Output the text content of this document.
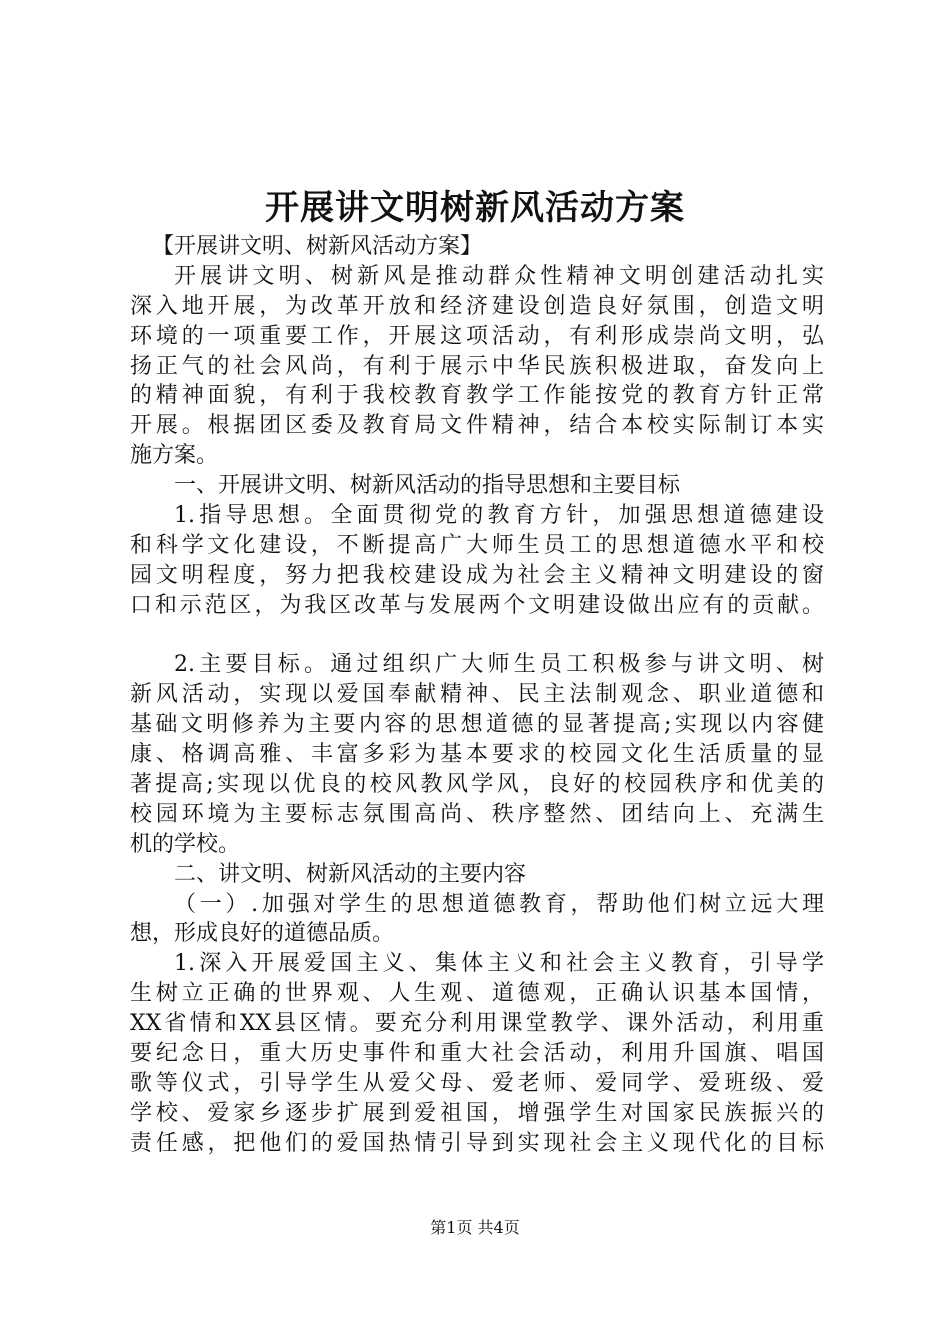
开展讲文明树新风活动方案

【开展讲文明、树新风活动方案】

开展讲文明、树新风是推动群众性精神文明创建活动扎实

深入地开展，为改革开放和经济建设创造良好氛围，创造文明

环境的一项重要工作，开展这项活动，有利形成崇尚文明，弘

扬正气的社会风尚，有利于展示中华民族积极进取，奋发向上

的精神面貌，有利于我校教育教学工作能按党的教育方针正常

开展。根据团区委及教育局文件精神，结合本校实际制订本实

施方案。

一、开展讲文明、树新风活动的指导思想和主要目标

1.指导思想。全面贯彻党的教育方针，加强思想道德建设

和科学文化建设，不断提高广大师生员工的思想道德水平和校

园文明程度，努力把我校建设成为社会主义精神文明建设的窗

口和示范区，为我区改革与发展两个文明建设做出应有的贡献。

2.主要目标。通过组织广大师生员工积极参与讲文明、树

新风活动，实现以爱国奉献精神、民主法制观念、职业道德和

基础文明修养为主要内容的思想道德的显著提高;实现以内容健

康、格调高雅、丰富多彩为基本要求的校园文化生活质量的显

著提高;实现以优良的校风教风学风，良好的校园秩序和优美的

校园环境为主要标志氛围高尚、秩序整然、团结向上、充满生

机的学校。

二、讲文明、树新风活动的主要内容

（一）.加强对学生的思想道德教育，帮助他们树立远大理

想，形成良好的道德品质。

1.深入开展爱国主义、集体主义和社会主义教育，引导学

生树立正确的世界观、人生观、道德观，正确认识基本国情，

XX省情和XX县区情。要充分利用课堂教学、课外活动，利用重

要纪念日，重大历史事件和重大社会活动，利用升国旗、唱国

歌等仪式，引导学生从爱父母、爱老师、爱同学、爱班级、爱

学校、爱家乡逐步扩展到爱祖国，增强学生对国家民族振兴的

责任感，把他们的爱国热情引导到实现社会主义现代化的目标

第1页 共4页
